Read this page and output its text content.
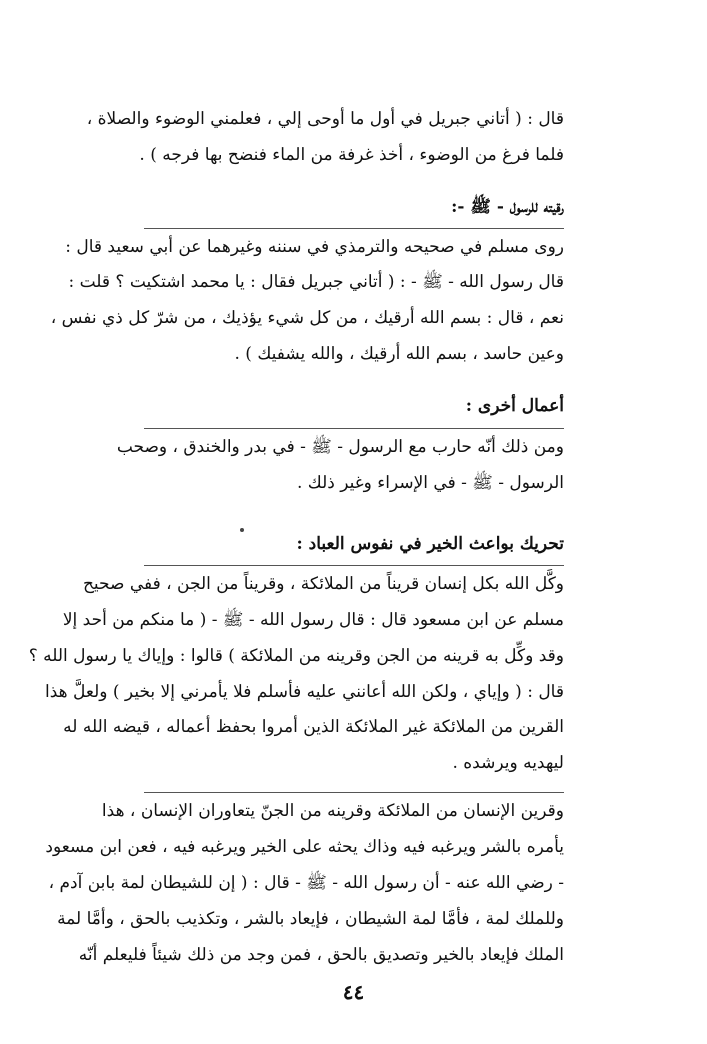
قال : ( أتاني جبريل في أول ما أوحى إلي ، فعلمني الوضوء والصلاة ،
فلما فرغ من الوضوء ، أخذ غرفة من الماء فنضح بها فرجه ) .
رقيته للرسول - ﷺ -:
روى مسلم في صحيحه والترمذي في سننه وغيرهما عن أبي سعيد قال :
قال رسول الله - ﷺ - : ( أتاني جبريل فقال : يا محمد اشتكيت ؟ قلت :
نعم ، قال : بسم الله أرقيك ، من كل شيء يؤذيك ، من شرّ كل ذي نفس ،
وعين حاسد ، بسم الله أرقيك ، والله يشفيك ) .
أعمال أخرى :
ومن ذلك أنّه حارب مع الرسول - ﷺ - في بدر والخندق ، وصحب
الرسول - ﷺ - في الإسراء وغير ذلك .
تحريك بواعث الخير في نفوس العباد :
وكَّل الله بكل إنسان قريناً من الملائكة ، وقريناً من الجن ، ففي صحيح
مسلم عن ابن مسعود قال : قال رسول الله - ﷺ - ( ما منكم من أحد إلا
وقد وكِّل به قرينه من الجن وقرينه من الملائكة ) قالوا : وإياك يا رسول الله ؟
قال : ( وإياي ، ولكن الله أعانني عليه فأسلم فلا يأمرني إلا بخير ) ولعلَّ هذا
القرين من الملائكة غير الملائكة الذين أمروا بحفظ أعماله ، قيضه الله له
ليهديه ويرشده .
وقرين الإنسان من الملائكة وقرينه من الجنّ يتعاوران الإنسان ، هذا
يأمره بالشر ويرغبه فيه وذاك يحثه على الخير ويرغبه فيه ، فعن ابن مسعود
- رضي الله عنه - أن رسول الله - ﷺ - قال : ( إن للشيطان لمة بابن آدم ،
وللملك لمة ، فأمَّا لمة الشيطان ، فإيعاد بالشر ، وتكذيب بالحق ، وأمَّا لمة
الملك فإيعاد بالخير وتصديق بالحق ، فمن وجد من ذلك شيئاً فليعلم أنّه
٤٤
